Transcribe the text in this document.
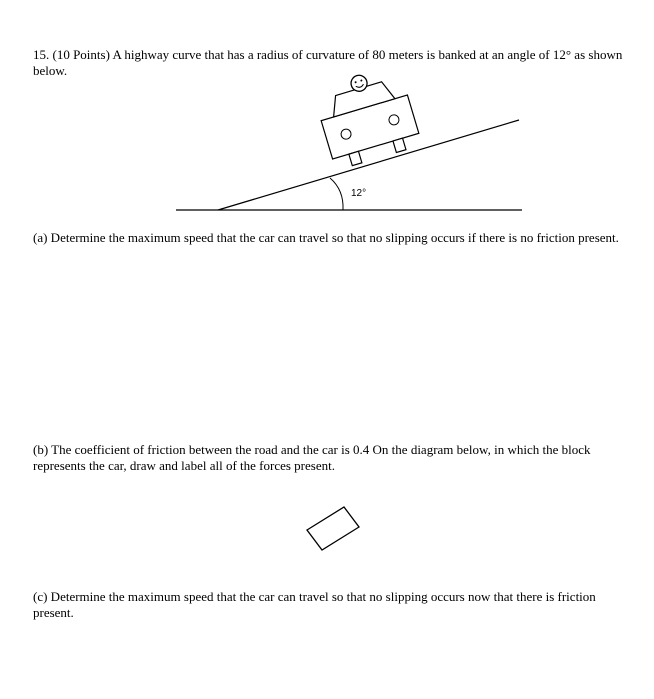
15. (10 Points) A highway curve that has a radius of curvature of 80 meters is banked at an angle of 12° as shown below.

12°

(a) Determine the maximum speed that the car can travel so that no slipping occurs if there is no friction present.

(b) The coefficient of friction between the road and the car is 0.4 On the diagram below, in which the block represents the car, draw and label all of the forces present.

(c) Determine the maximum speed that the car can travel so that no slipping occurs now that there is friction present.
